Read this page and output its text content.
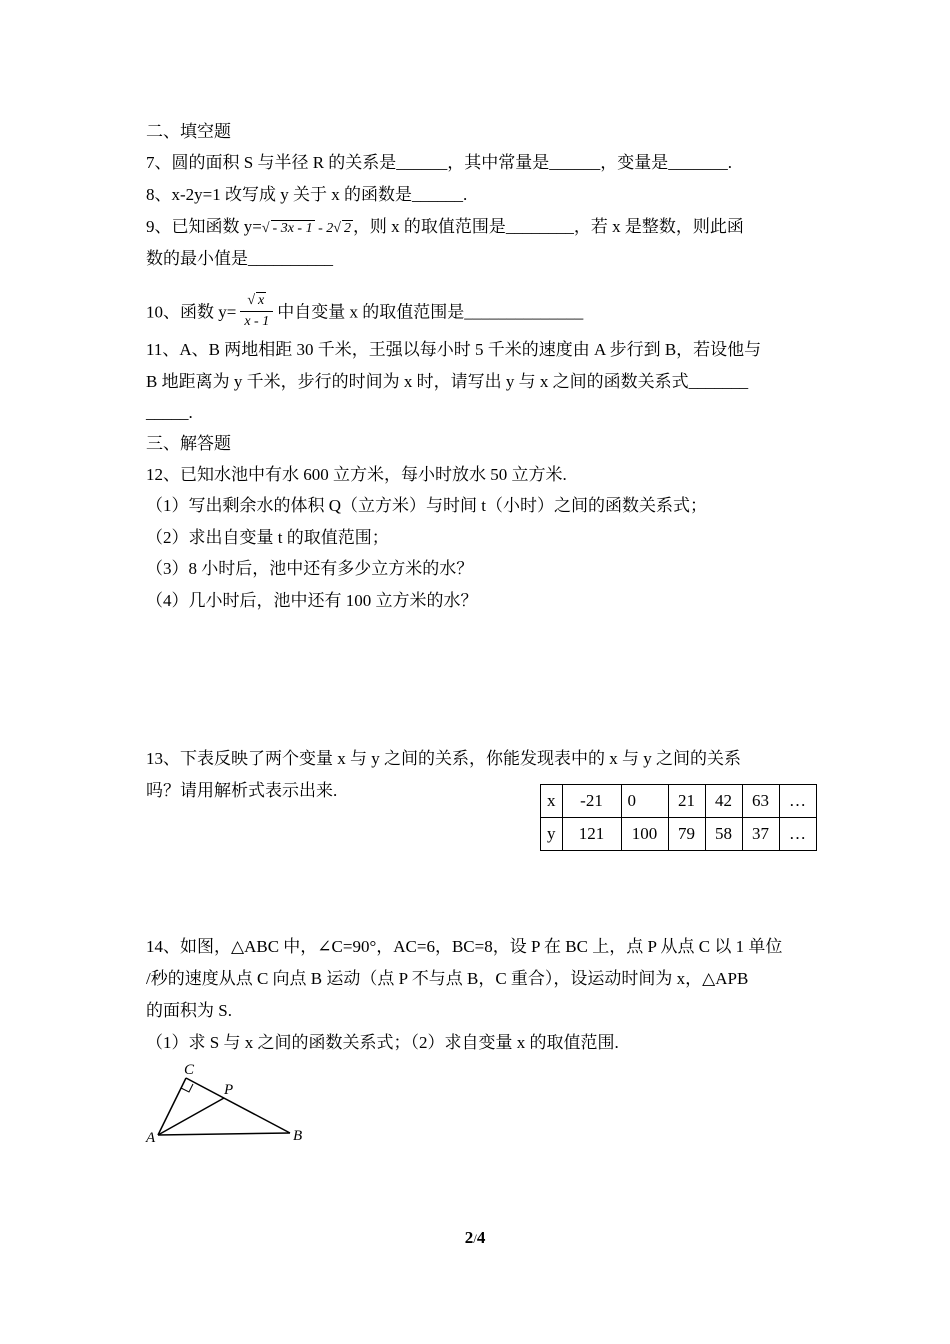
二、填空题
7、圆的面积 S 与半径 R 的关系是______，其中常量是______，变量是_______.
8、x-2y=1 改写成 y 关于 x 的函数是______.
9、已知函数 y=√ - 3x - 1 - 2√ 2 ，则 x 的取值范围是________，若 x 是整数，则此函
数的最小值是__________
10、函数 $y= \frac{√ x}{x - 1}$ 中自变量 x 的取值范围是______________
11、A、B 两地相距 30 千米，王强以每小时 5 千米的速度由 A 步行到 B，若设他与
B 地距离为 y 千米，步行的时间为 x 时，请写出 y 与 x 之间的函数关系式_______
_____.
三、解答题
12、已知水池中有水 600 立方米，每小时放水 50 立方米.
（1）写出剩余水的体积 Q（立方米）与时间 t（小时）之间的函数关系式；
（2）求出自变量 t 的取值范围；
（3）8 小时后，池中还有多少立方米的水？
（4）几小时后，池中还有 100 立方米的水？
13、下表反映了两个变量 x 与 y 之间的关系，你能发现表中的 x 与 y 之间的关系
吗？请用解析式表示出来.
x	-21	0	21	42	63	…
y	121	100	79	58	37	…
14、如图，△ABC 中，∠C=90°，AC=6，BC=8，设 P 在 BC 上，点 P 从点 C 以 1 单位
/秒的速度从点 C 向点 B 运动（点 P 不与点 B，C 重合），设运动时间为 x，△APB
的面积为 S.
（1）求 S 与 x 之间的函数关系式；（2）求自变量 x 的取值范围.
C
P
A	B
2/4
